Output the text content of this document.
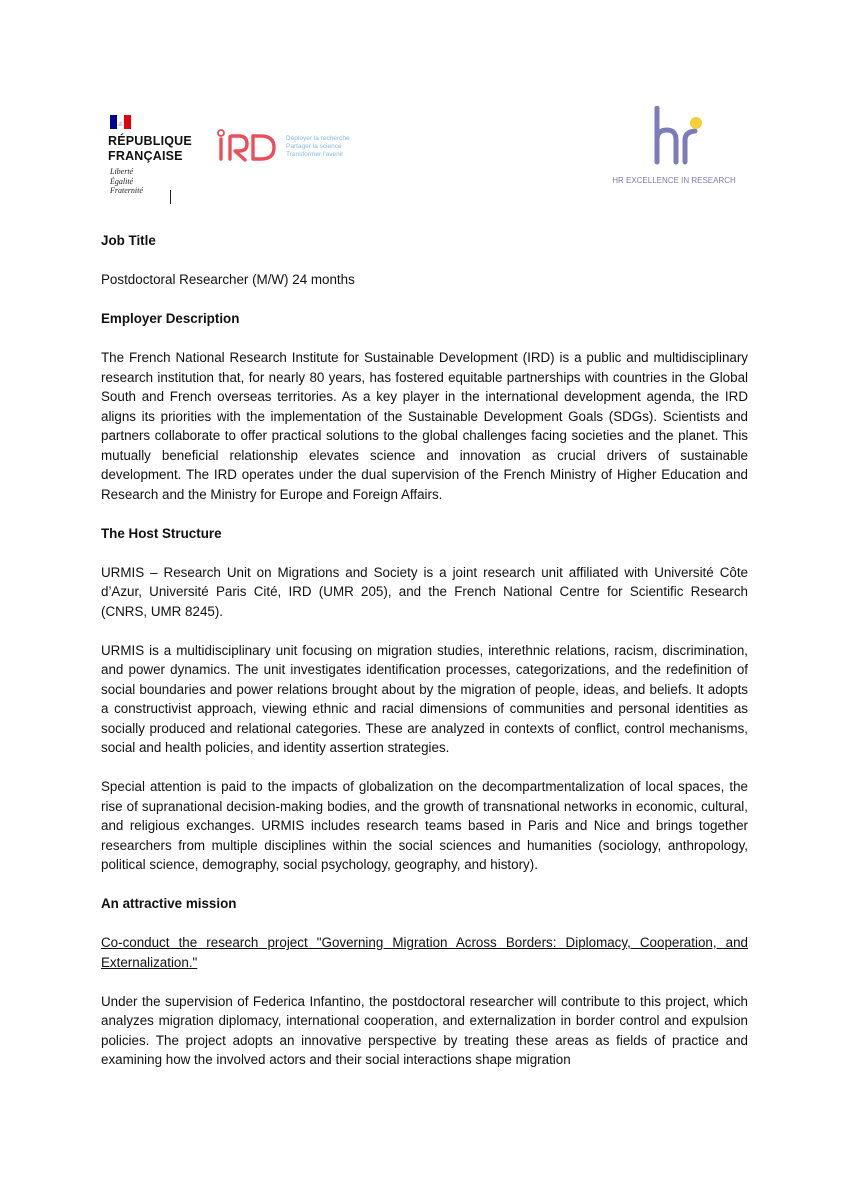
RÉPUBLIQUE
FRANÇAISE
Liberté
Égalité
Fraternité
Déployer la recherche
Partager la science
Transformer l'avenir
HR EXCELLENCE IN RESEARCH
Job Title
Postdoctoral Researcher (M/W) 24 months
Employer Description
The French National Research Institute for Sustainable Development (IRD) is a public and multidisciplinary research institution that, for nearly 80 years, has fostered equitable partnerships with countries in the Global South and French overseas territories. As a key player in the international development agenda, the IRD aligns its priorities with the implementation of the Sustainable Development Goals (SDGs). Scientists and partners collaborate to offer practical solutions to the global challenges facing societies and the planet. This mutually beneficial relationship elevates science and innovation as crucial drivers of sustainable development. The IRD operates under the dual supervision of the French Ministry of Higher Education and Research and the Ministry for Europe and Foreign Affairs.
The Host Structure
URMIS – Research Unit on Migrations and Society is a joint research unit affiliated with Université Côte d’Azur, Université Paris Cité, IRD (UMR 205), and the French National Centre for Scientific Research (CNRS, UMR 8245).
URMIS is a multidisciplinary unit focusing on migration studies, interethnic relations, racism, discrimination, and power dynamics. The unit investigates identification processes, categorizations, and the redefinition of social boundaries and power relations brought about by the migration of people, ideas, and beliefs. It adopts a constructivist approach, viewing ethnic and racial dimensions of communities and personal identities as socially produced and relational categories. These are analyzed in contexts of conflict, control mechanisms, social and health policies, and identity assertion strategies.
Special attention is paid to the impacts of globalization on the decompartmentalization of local spaces, the rise of supranational decision-making bodies, and the growth of transnational networks in economic, cultural, and religious exchanges. URMIS includes research teams based in Paris and Nice and brings together researchers from multiple disciplines within the social sciences and humanities (sociology, anthropology, political science, demography, social psychology, geography, and history).
An attractive mission
Co-conduct the research project "Governing Migration Across Borders: Diplomacy, Cooperation, and Externalization."
Under the supervision of Federica Infantino, the postdoctoral researcher will contribute to this project, which analyzes migration diplomacy, international cooperation, and externalization in border control and expulsion policies. The project adopts an innovative perspective by treating these areas as fields of practice and examining how the involved actors and their social interactions shape migration
